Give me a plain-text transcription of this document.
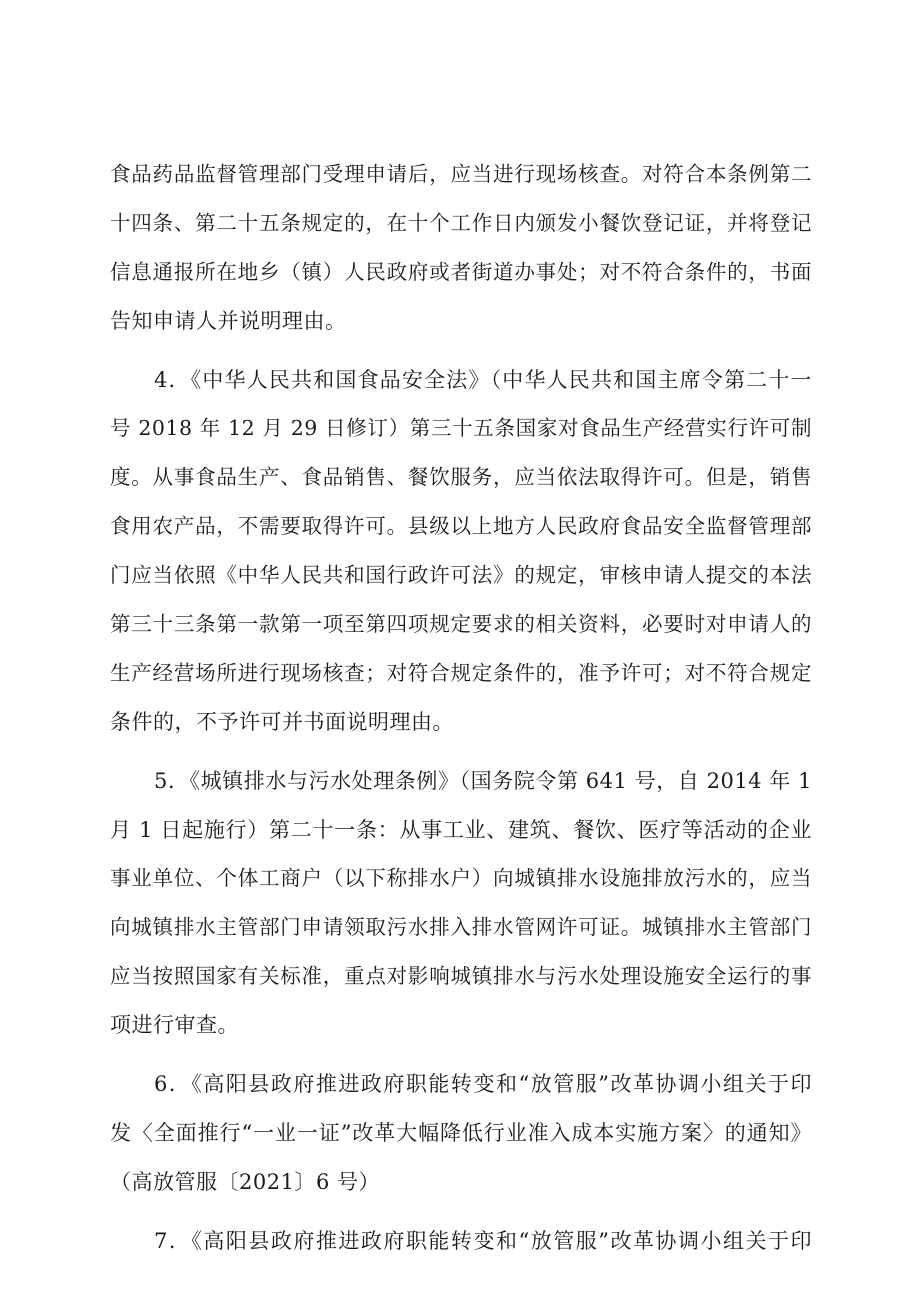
食品药品监督管理部门受理申请后，应当进行现场核查。对符合本条例第二
十四条、第二十五条规定的，在十个工作日内颁发小餐饮登记证，并将登记
信息通报所在地乡（镇）人民政府或者街道办事处；对不符合条件的，书面
告知申请人并说明理由。
4．《中华人民共和国食品安全法》（中华人民共和国主席令第二十一
号 2018 年 12 月 29 日修订）第三十五条国家对食品生产经营实行许可制
度。从事食品生产、食品销售、餐饮服务，应当依法取得许可。但是，销售
食用农产品，不需要取得许可。县级以上地方人民政府食品安全监督管理部
门应当依照《中华人民共和国行政许可法》的规定，审核申请人提交的本法
第三十三条第一款第一项至第四项规定要求的相关资料，必要时对申请人的
生产经营场所进行现场核查；对符合规定条件的，准予许可；对不符合规定
条件的，不予许可并书面说明理由。
5．《城镇排水与污水处理条例》（国务院令第 641 号，自 2014 年 1
月 1 日起施行）第二十一条：从事工业、建筑、餐饮、医疗等活动的企业
事业单位、个体工商户（以下称排水户）向城镇排水设施排放污水的，应当
向城镇排水主管部门申请领取污水排入排水管网许可证。城镇排水主管部门
应当按照国家有关标准，重点对影响城镇排水与污水处理设施安全运行的事
项进行审查。
6．《高阳县政府推进政府职能转变和“放管服”改革协调小组关于印
发〈全面推行“一业一证”改革大幅降低行业准入成本实施方案〉的通知》
（高放管服〔2021〕6 号）
7．《高阳县政府推进政府职能转变和“放管服”改革协调小组关于印
